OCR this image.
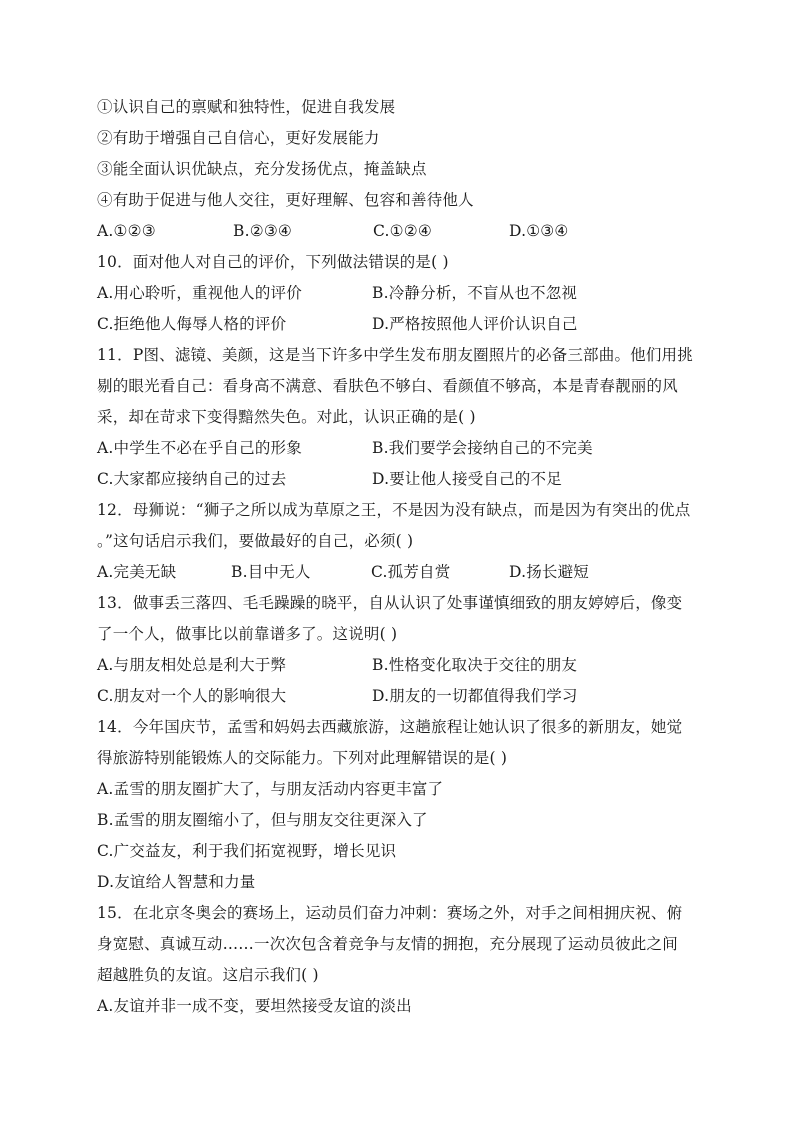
①认识自己的禀赋和独特性，促进自我发展
②有助于增强自己自信心，更好发展能力
③能全面认识优缺点，充分发扬优点，掩盖缺点
④有助于促进与他人交往，更好理解、包容和善待他人
A.①②③	B.②③④	C.①②④	D.①③④
10．面对他人对自己的评价，下列做法错误的是( )
A.用心聆听，重视他人的评价	B.冷静分析，不盲从也不忽视
C.拒绝他人侮辱人格的评价	D.严格按照他人评价认识自己
11．P图、滤镜、美颜，这是当下许多中学生发布朋友圈照片的必备三部曲。他们用挑
剔的眼光看自己：看身高不满意、看肤色不够白、看颜值不够高，本是青春靓丽的风
采，却在苛求下变得黯然失色。对此，认识正确的是( )
A.中学生不必在乎自己的形象	B.我们要学会接纳自己的不完美
C.大家都应接纳自己的过去	D.要让他人接受自己的不足
12．母狮说：“狮子之所以成为草原之王，不是因为没有缺点，而是因为有突出的优点
。”这句话启示我们，要做最好的自己，必须( )
A.完美无缺	B.目中无人	C.孤芳自赏	D.扬长避短
13．做事丢三落四、毛毛躁躁的晓平，自从认识了处事谨慎细致的朋友婷婷后，像变
了一个人，做事比以前靠谱多了。这说明( )
A.与朋友相处总是利大于弊	B.性格变化取决于交往的朋友
C.朋友对一个人的影响很大	D.朋友的一切都值得我们学习
14．今年国庆节，孟雪和妈妈去西藏旅游，这趟旅程让她认识了很多的新朋友，她觉
得旅游特别能锻炼人的交际能力。下列对此理解错误的是( )
A.孟雪的朋友圈扩大了，与朋友活动内容更丰富了
B.孟雪的朋友圈缩小了，但与朋友交往更深入了
C.广交益友，利于我们拓宽视野，增长见识
D.友谊给人智慧和力量
15．在北京冬奥会的赛场上，运动员们奋力冲刺：赛场之外，对手之间相拥庆祝、俯
身宽慰、真诚互动……一次次包含着竞争与友情的拥抱，充分展现了运动员彼此之间
超越胜负的友谊。这启示我们( )
A.友谊并非一成不变，要坦然接受友谊的淡出
